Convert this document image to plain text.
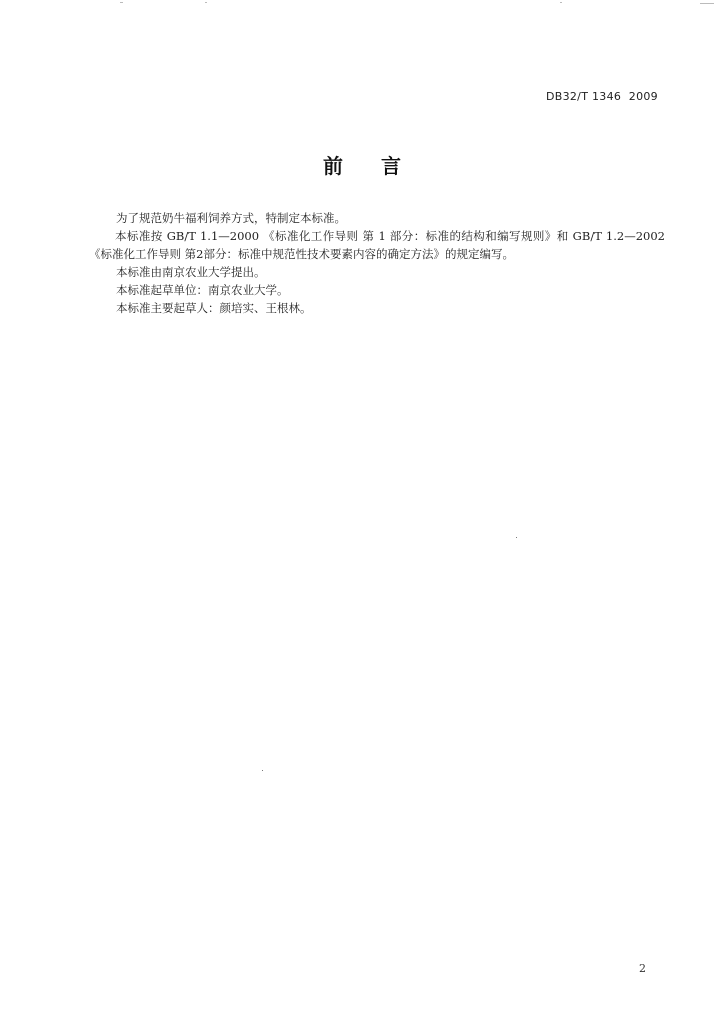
DB32/T 1346  2009
前言

为了规范奶牛福利饲养方式，特制定本标准。

本标准按 GB/T 1.1—2000 《标准化工作导则 第 1 部分：标准的结构和编写规则》和 GB/T 1.2—2002《标准化工作导则 第2部分：标准中规范性技术要素内容的确定方法》的规定编写。

本标准由南京农业大学提出。

本标准起草单位：南京农业大学。

本标准主要起草人：颜培实、王根林。

2
